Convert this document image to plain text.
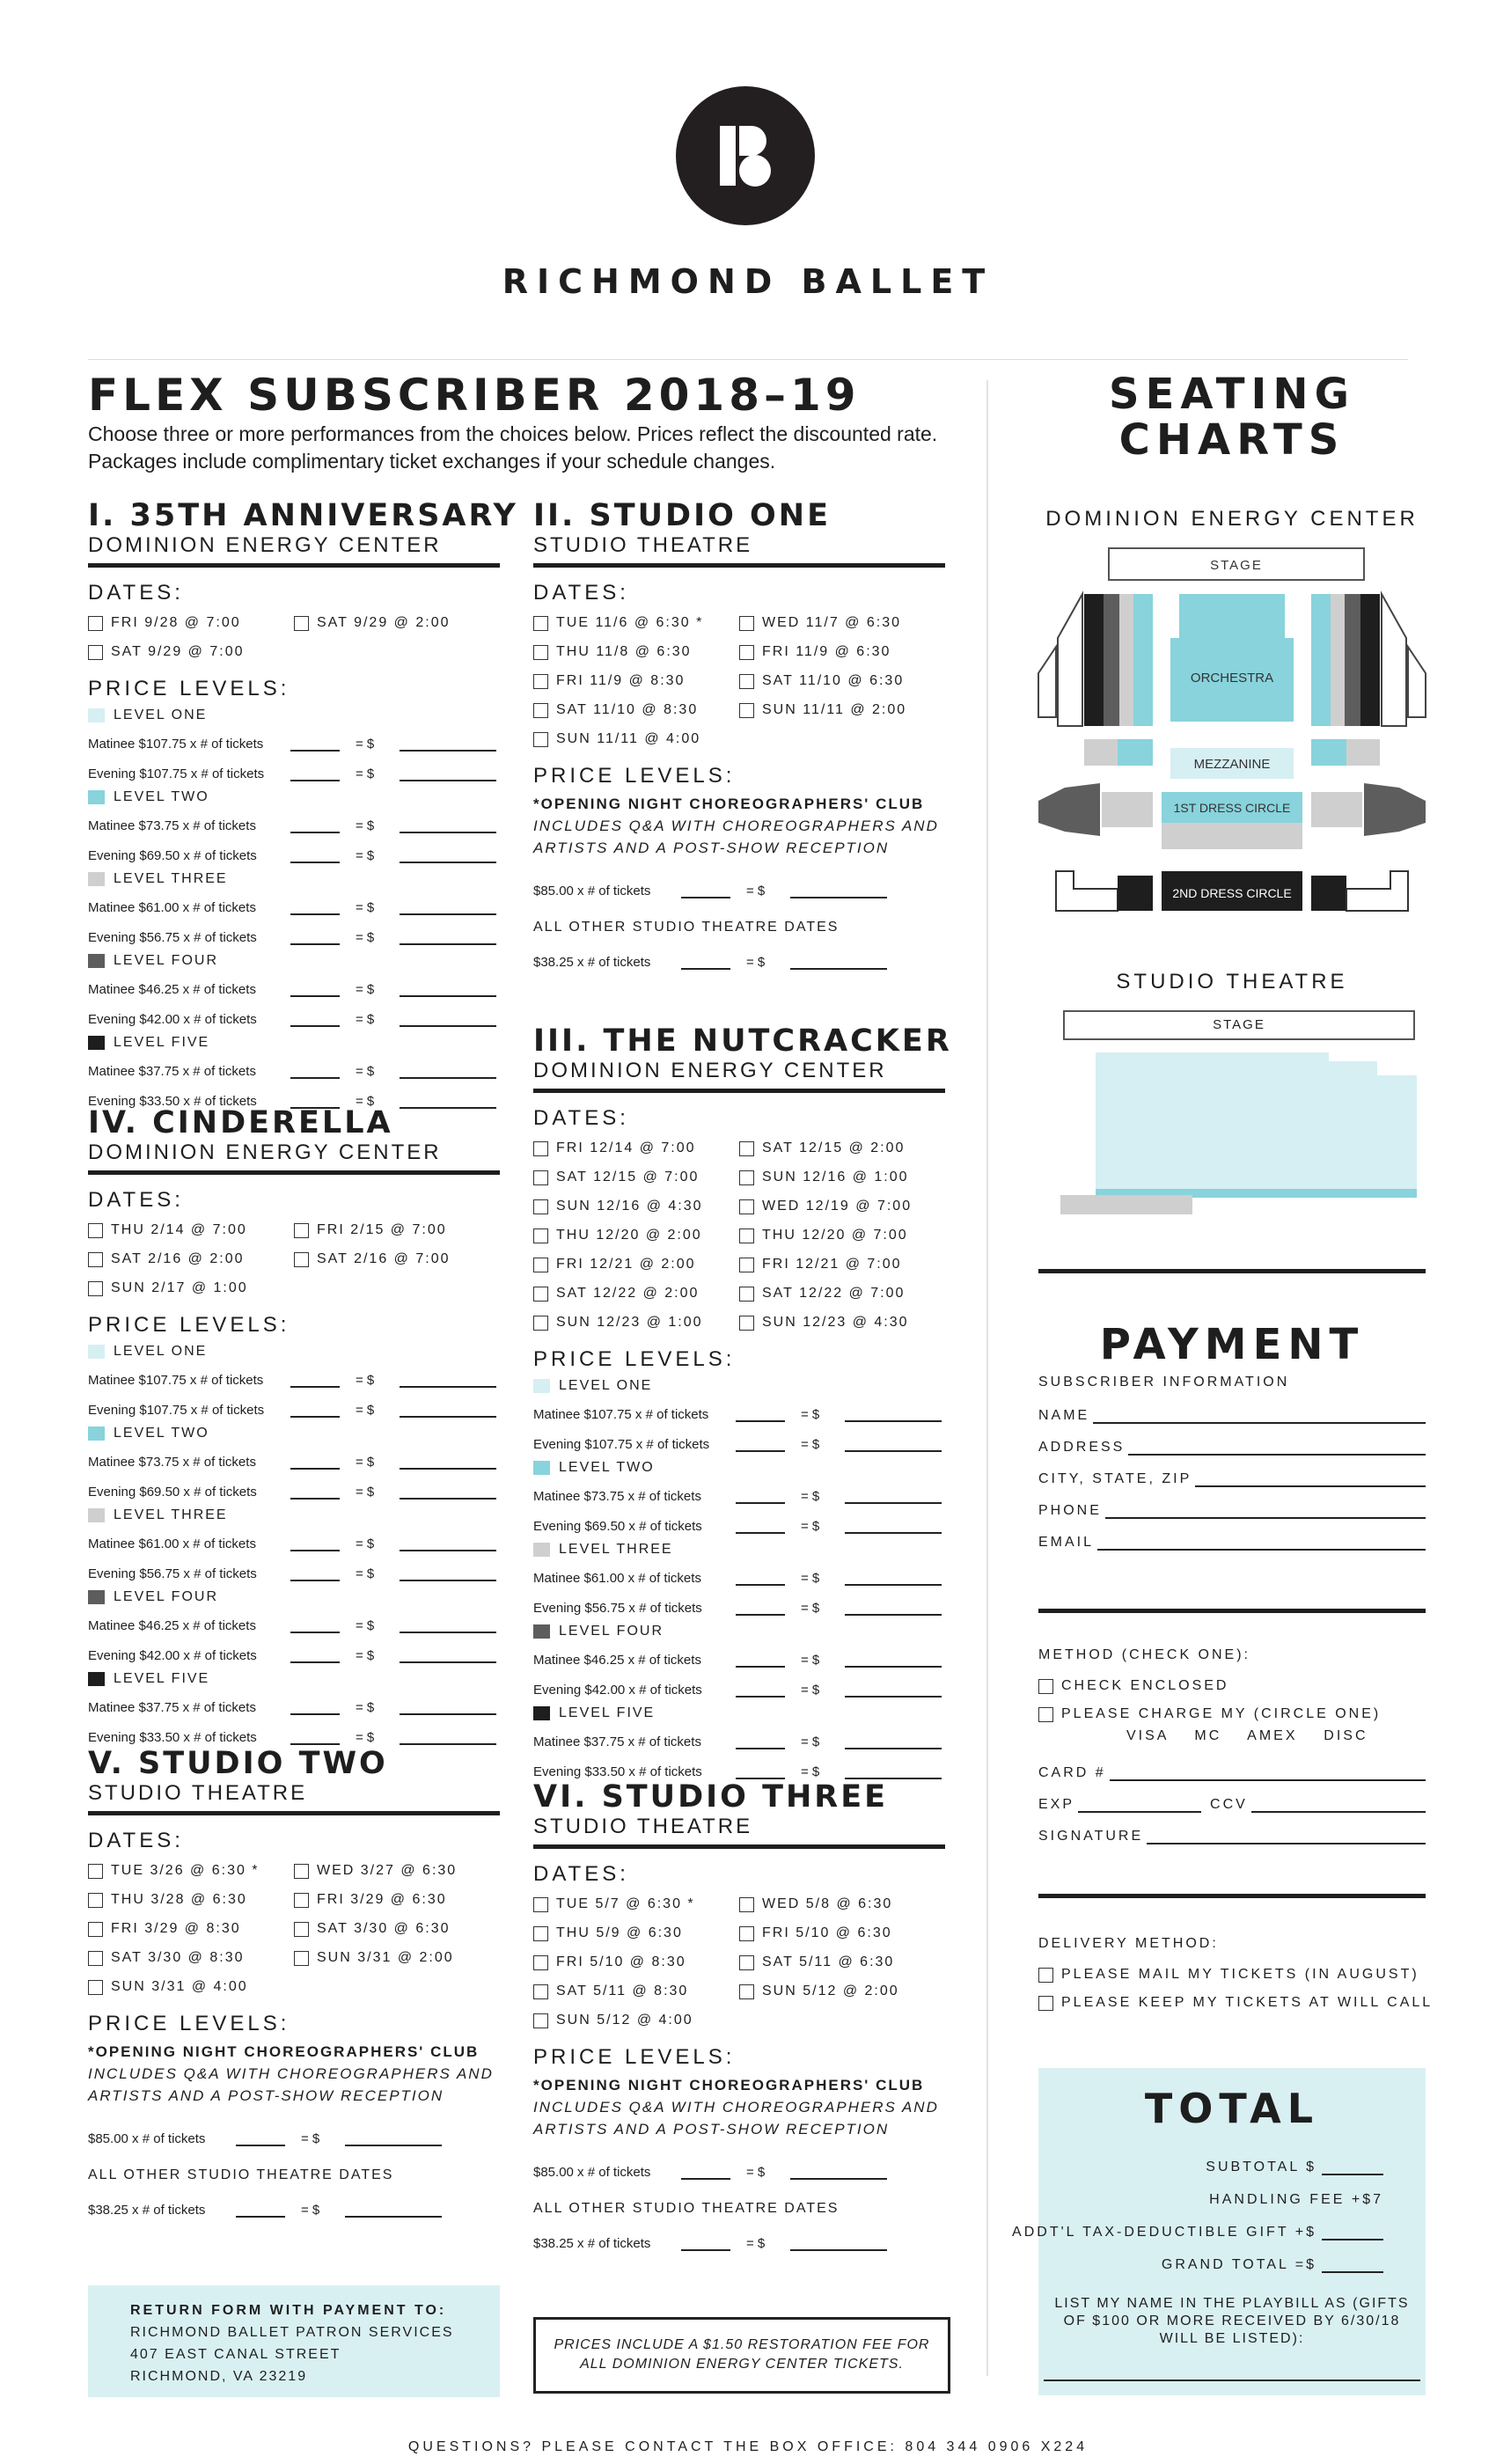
RICHMOND BALLET
FLEX SUBSCRIBER 2018–19
Choose three or more performances from the choices below. Prices reflect the discounted rate. Packages include complimentary ticket exchanges if your schedule changes.
I. 35TH ANNIVERSARY
DOMINION ENERGY CENTER
DATES:
FRI 9/28 @ 7:00	SAT 9/29 @ 2:00
SAT 9/29 @ 7:00
PRICE LEVELS:
LEVEL ONE
Matinee $107.75 x # of tickets	= $
Evening $107.75 x # of tickets	= $
LEVEL TWO
Matinee $73.75 x # of tickets	= $
Evening $69.50 x # of tickets	= $
LEVEL THREE
Matinee $61.00 x # of tickets	= $
Evening $56.75 x # of tickets	= $
LEVEL FOUR
Matinee $46.25 x # of tickets	= $
Evening $42.00 x # of tickets	= $
LEVEL FIVE
Matinee $37.75 x # of tickets	= $
Evening $33.50 x # of tickets	= $
II. STUDIO ONE
STUDIO THEATRE
DATES:
TUE 11/6 @ 6:30 *	WED 11/7 @ 6:30
THU 11/8 @ 6:30	FRI 11/9 @ 6:30
FRI 11/9 @ 8:30	SAT 11/10 @ 6:30
SAT 11/10 @ 8:30	SUN 11/11 @ 2:00
SUN 11/11 @ 4:00
PRICE LEVELS:
*OPENING NIGHT CHOREOGRAPHERS' CLUB
INCLUDES Q&A WITH CHOREOGRAPHERS AND ARTISTS AND A POST-SHOW RECEPTION
$85.00 x # of tickets	= $
ALL OTHER STUDIO THEATRE DATES
$38.25 x # of tickets	= $
III. THE NUTCRACKER
DOMINION ENERGY CENTER
DATES:
FRI 12/14 @ 7:00	SAT 12/15 @ 2:00
SAT 12/15 @ 7:00	SUN 12/16 @ 1:00
SUN 12/16 @ 4:30	WED 12/19 @ 7:00
THU 12/20 @ 2:00	THU 12/20 @ 7:00
FRI 12/21 @ 2:00	FRI 12/21 @ 7:00
SAT 12/22 @ 2:00	SAT 12/22 @ 7:00
SUN 12/23 @ 1:00	SUN 12/23 @ 4:30
PRICE LEVELS:
LEVEL ONE
Matinee $107.75 x # of tickets	= $
Evening $107.75 x # of tickets	= $
LEVEL TWO
Matinee $73.75 x # of tickets	= $
Evening $69.50 x # of tickets	= $
LEVEL THREE
Matinee $61.00 x # of tickets	= $
Evening $56.75 x # of tickets	= $
LEVEL FOUR
Matinee $46.25 x # of tickets	= $
Evening $42.00 x # of tickets	= $
LEVEL FIVE
Matinee $37.75 x # of tickets	= $
Evening $33.50 x # of tickets	= $
IV. CINDERELLA
DOMINION ENERGY CENTER
DATES:
THU 2/14 @ 7:00	FRI 2/15 @ 7:00
SAT 2/16 @ 2:00	SAT 2/16 @ 7:00
SUN 2/17 @ 1:00
PRICE LEVELS:
LEVEL ONE
Matinee $107.75 x # of tickets	= $
Evening $107.75 x # of tickets	= $
LEVEL TWO
Matinee $73.75 x # of tickets	= $
Evening $69.50 x # of tickets	= $
LEVEL THREE
Matinee $61.00 x # of tickets	= $
Evening $56.75 x # of tickets	= $
LEVEL FOUR
Matinee $46.25 x # of tickets	= $
Evening $42.00 x # of tickets	= $
LEVEL FIVE
Matinee $37.75 x # of tickets	= $
Evening $33.50 x # of tickets	= $
V. STUDIO TWO
STUDIO THEATRE
DATES:
TUE 3/26 @ 6:30 *	WED 3/27 @ 6:30
THU 3/28 @ 6:30	FRI 3/29 @ 6:30
FRI 3/29 @ 8:30	SAT 3/30 @ 6:30
SAT 3/30 @ 8:30	SUN 3/31 @ 2:00
SUN 3/31 @ 4:00
PRICE LEVELS:
*OPENING NIGHT CHOREOGRAPHERS' CLUB
INCLUDES Q&A WITH CHOREOGRAPHERS AND ARTISTS AND A POST-SHOW RECEPTION
$85.00 x # of tickets	= $
ALL OTHER STUDIO THEATRE DATES
$38.25 x # of tickets	= $
VI. STUDIO THREE
STUDIO THEATRE
DATES:
TUE 5/7 @ 6:30 *	WED 5/8 @ 6:30
THU 5/9 @ 6:30	FRI 5/10 @ 6:30
FRI 5/10 @ 8:30	SAT 5/11 @ 6:30
SAT 5/11 @ 8:30	SUN 5/12 @ 2:00
SUN 5/12 @ 4:00
PRICE LEVELS:
*OPENING NIGHT CHOREOGRAPHERS' CLUB
INCLUDES Q&A WITH CHOREOGRAPHERS AND ARTISTS AND A POST-SHOW RECEPTION
$85.00 x # of tickets	= $
ALL OTHER STUDIO THEATRE DATES
$38.25 x # of tickets	= $
RETURN FORM WITH PAYMENT TO:
RICHMOND BALLET PATRON SERVICES
407 EAST CANAL STREET
RICHMOND, VA 23219
PRICES INCLUDE A $1.50 RESTORATION FEE FOR ALL DOMINION ENERGY CENTER TICKETS.
QUESTIONS? PLEASE CONTACT THE BOX OFFICE: 804 344 0906 X224
SEATING
CHARTS
DOMINION ENERGY CENTER
STAGE
ORCHESTRA
MEZZANINE
1ST DRESS CIRCLE
2ND DRESS CIRCLE
STUDIO THEATRE
STAGE
PAYMENT
SUBSCRIBER INFORMATION
NAME
ADDRESS
CITY, STATE, ZIP
PHONE
EMAIL
METHOD (CHECK ONE):
CHECK ENCLOSED
PLEASE CHARGE MY (CIRCLE ONE)
VISA    MC    AMEX    DISC
CARD #
EXP	CCV
SIGNATURE
DELIVERY METHOD:
PLEASE MAIL MY TICKETS (IN AUGUST)
PLEASE KEEP MY TICKETS AT WILL CALL
TOTAL
SUBTOTAL $
HANDLING FEE +$7
ADDT'L TAX-DEDUCTIBLE GIFT +$
GRAND TOTAL =$
LIST MY NAME IN THE PLAYBILL AS (GIFTS OF $100 OR MORE RECEIVED BY 6/30/18 WILL BE LISTED):
